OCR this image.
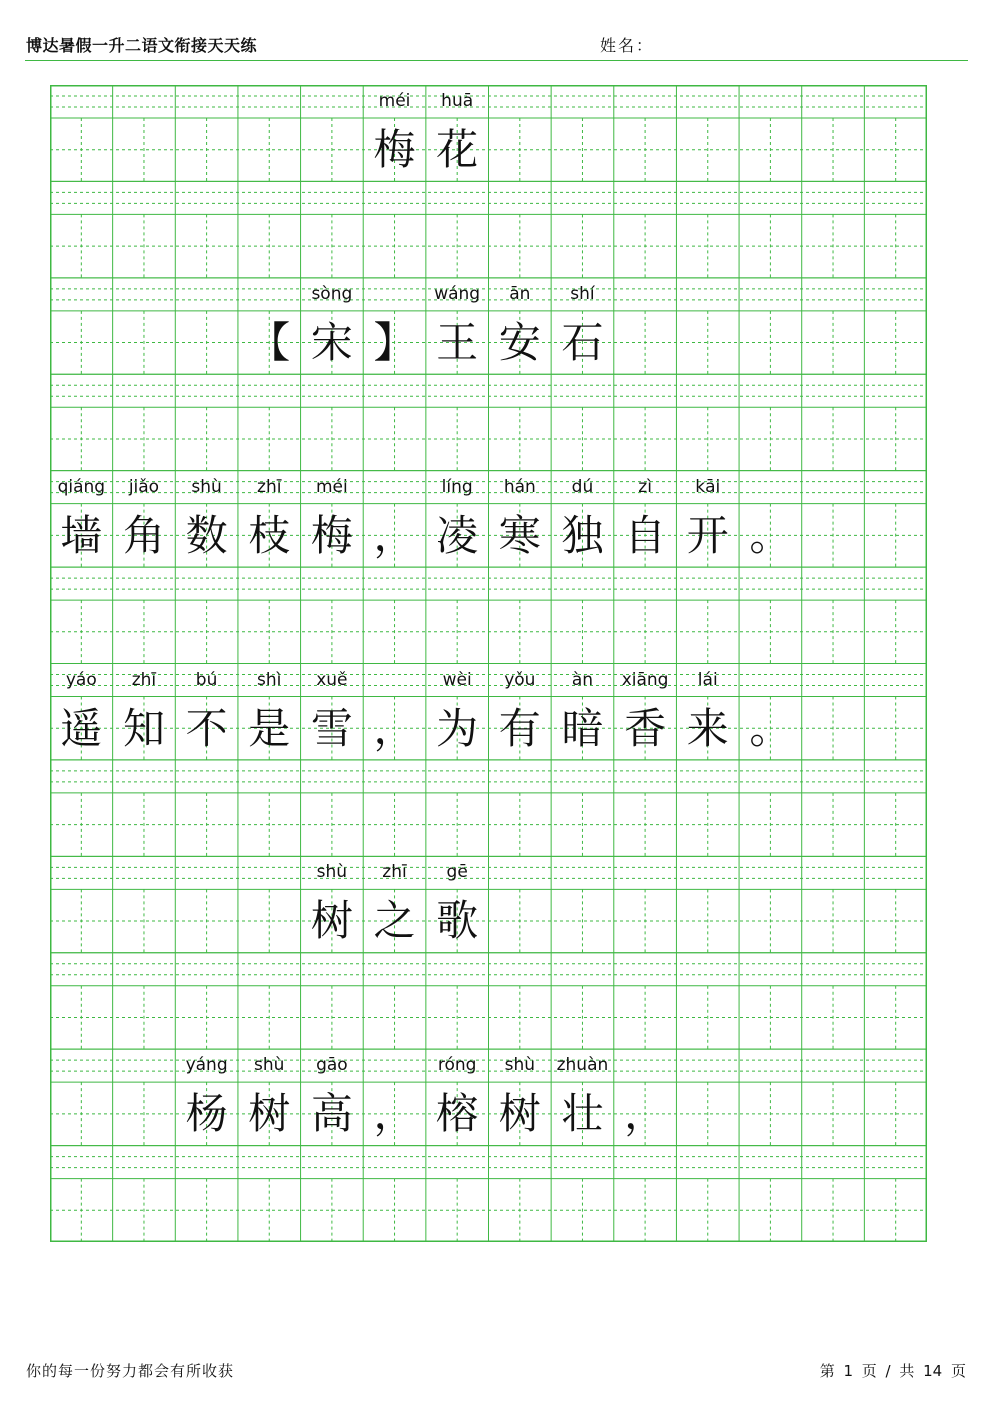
博达暑假一升二语文衔接天天练	姓名：
méi
梅
huā
花
【
sòng
宋 】
wáng
王
ān
安
shí
石
qiáng
墙
jiǎo
角
shù
数
zhī
枝
méi
梅 ，
líng
凌
hán
寒
dú
独
zì
自
kāi
开 。
yáo
遥
zhī
知
bú
不
shì
是
xuě
雪 ，
wèi
为
yǒu
有
àn
暗
xiāng
香
lái
来 。
shù
树
zhī
之
gē
歌
yáng
杨
shù
树
gāo
高 ，
róng
榕
shù
树
zhuàn
壮 ，
你的每一份努力都会有所收获	第 1 页 / 共 14 页
